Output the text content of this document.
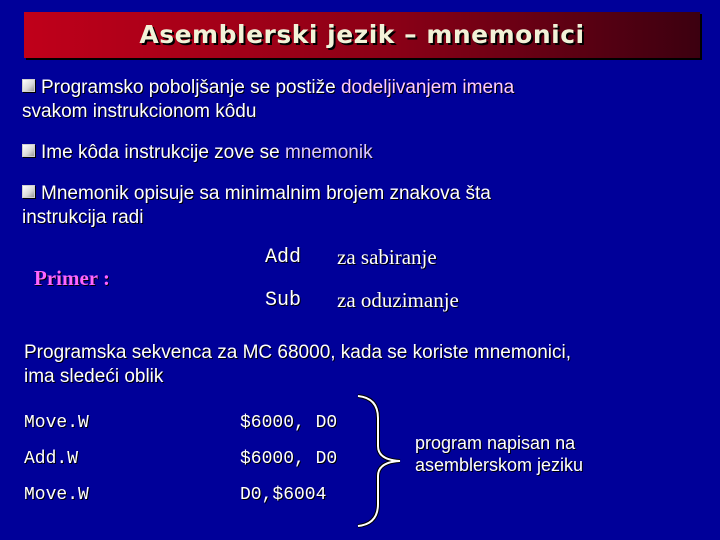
Asemblerski jezik – mnemonici
Programsko poboljšanje se postiže dodeljivanjem imena
svakom instrukcionom kôdu
Ime kôda instrukcije zove se mnemonik
Mnemonik opisuje sa minimalnim brojem znakova šta
instrukcija radi
Primer :
Add za sabiranje
Sub za oduzimanje
Programska sekvenca za MC 68000, kada se koriste mnemonici,
ima sledeći oblik
Move.W	$6000, D0
Add.W	$6000, D0
Move.W	D0,$6004
program napisan na
asemblerskom jeziku
